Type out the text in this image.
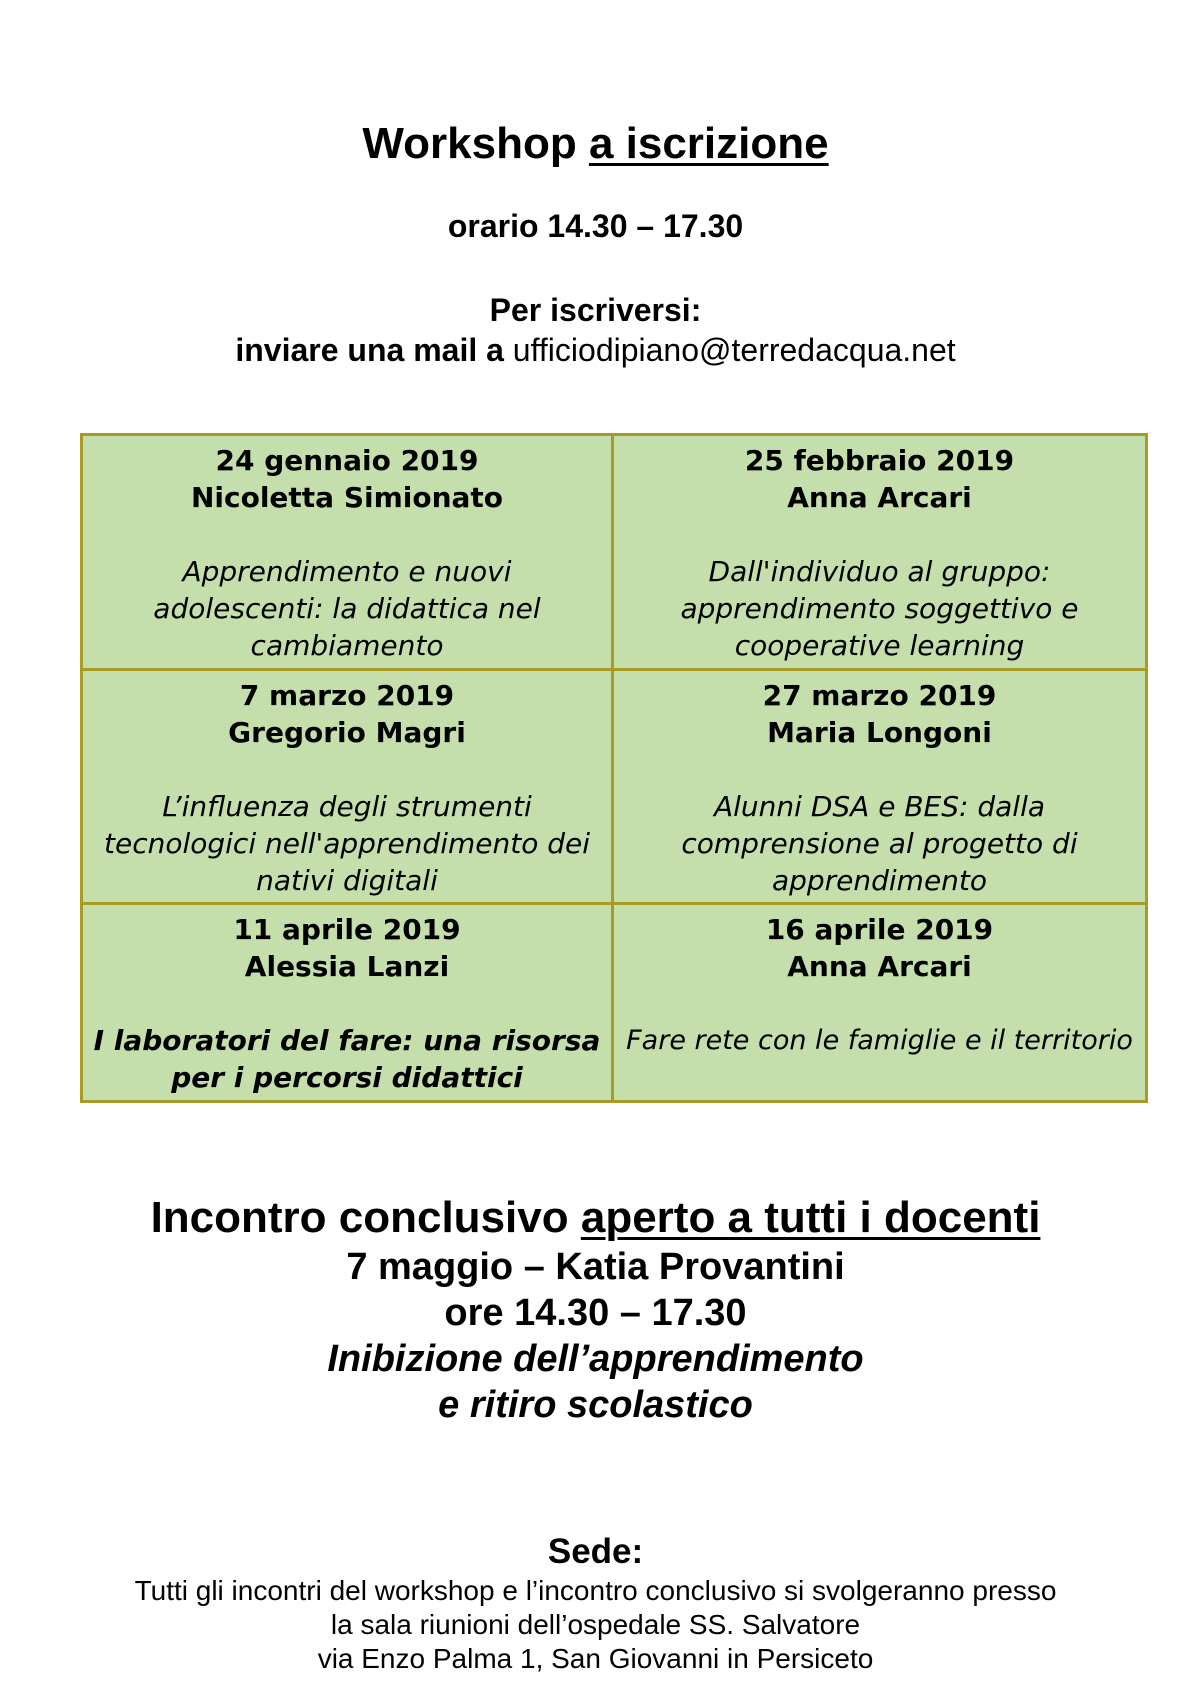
Workshop a iscrizione
orario 14.30 – 17.30
Per iscriversi:
inviare una mail a ufficiodipiano@terredacqua.net
24 gennaio 2019
Nicoletta Simionato
Apprendimento e nuovi
adolescenti: la didattica nel
cambiamento	25 febbraio 2019
Anna Arcari
Dall'individuo al gruppo:
apprendimento soggettivo e
cooperative learning

7 marzo 2019
Gregorio Magri
L’influenza degli strumenti
tecnologici nell'apprendimento dei
nativi digitali	27 marzo 2019
Maria Longoni
Alunni DSA e BES: dalla
comprensione al progetto di
apprendimento

11 aprile 2019
Alessia Lanzi
I laboratori del fare: una risorsa
per i percorsi didattici	16 aprile 2019
Anna Arcari
Fare rete con le famiglie e il territorio
Incontro conclusivo aperto a tutti i docenti
7 maggio – Katia Provantini
ore 14.30 – 17.30
Inibizione dell’apprendimento
e ritiro scolastico
Sede:
Tutti gli incontri del workshop e l’incontro conclusivo si svolgeranno presso
la sala riunioni dell’ospedale SS. Salvatore
via Enzo Palma 1, San Giovanni in Persiceto
